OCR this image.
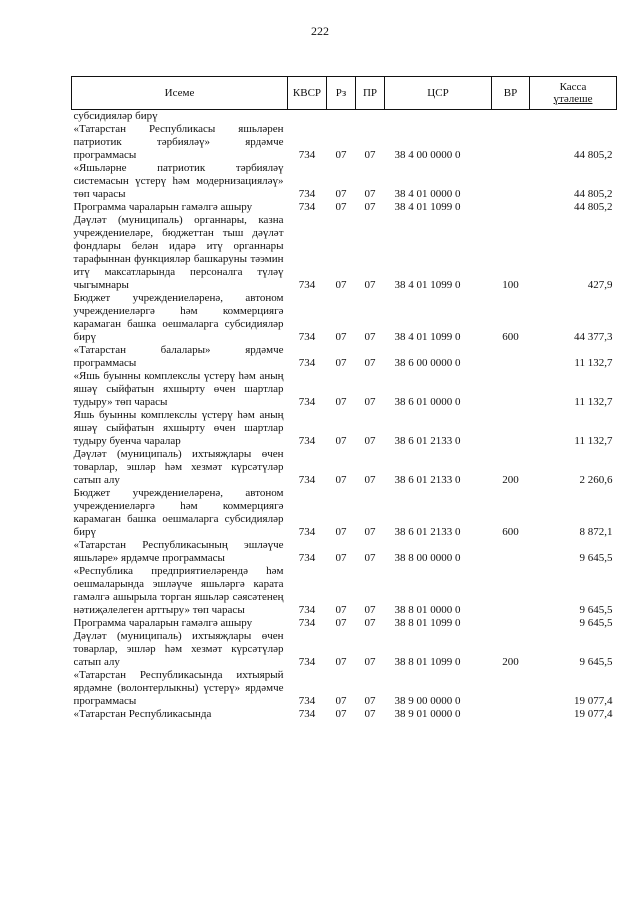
222
Исеме	КВСР	Рз	ПР	ЦСР	ВР	Касса
үтәлеше

субсидияләр бирү						
«Татарстан Республикасы яшьләрен патриотик тәрбияләү» ярдәмче программасы	734	07	07	38 4 00 0000 0		44 805,2
«Яшьләрне патриотик тәрбияләү системасын үстерү һәм модернизацияләү» төп чарасы	734	07	07	38 4 01 0000 0		44 805,2
Программа чараларын гамәлгә ашыру	734	07	07	38 4 01 1099 0		44 805,2
Дәүләт (муниципаль) органнары, казна учреждениеләре, бюджеттан тыш дәүләт фондлары белән идарә итү органнары тарафыннан функцияләр башкаруны тәэмин итү максатларында персоналга түләү чыгымнары	734	07	07	38 4 01 1099 0	100	427,9
Бюджет учреждениеләренә, автоном учреждениеләргә һәм коммерциягә карамаган башка оешмаларга субсидияләр бирү	734	07	07	38 4 01 1099 0	600	44 377,3
«Татарстан балалары» ярдәмче программасы	734	07	07	38 6 00 0000 0		11 132,7
«Яшь буынны комплекслы үстерү һәм аның яшәү сыйфатын яхшырту өчен шартлар тудыру» төп чарасы	734	07	07	38 6 01 0000 0		11 132,7
Яшь буынны комплекслы үстерү һәм аның яшәү сыйфатын яхшырту өчен шартлар тудыру буенча чаралар	734	07	07	38 6 01 2133 0		11 132,7
Дәүләт (муниципаль) ихтыяҗлары өчен товарлар, эшләр һәм хезмәт күрсәтүләр сатып алу	734	07	07	38 6 01 2133 0	200	2 260,6
Бюджет учреждениеләренә, автоном учреждениеләргә һәм коммерциягә карамаган башка оешмаларга субсидияләр бирү	734	07	07	38 6 01 2133 0	600	8 872,1
«Татарстан Республикасының эшләүче яшьләре» ярдәмче программасы	734	07	07	38 8 00 0000 0		9 645,5
«Республика предприятиеләрендә һәм оешмаларында эшләүче яшьләргә карата гамәлгә ашырыла торган яшьләр сәясәтенең нәтиҗәлелеген арттыру» төп чарасы	734	07	07	38 8 01 0000 0		9 645,5
Программа чараларын гамәлгә ашыру	734	07	07	38 8 01 1099 0		9 645,5
Дәүләт (муниципаль) ихтыяҗлары өчен товарлар, эшләр һәм хезмәт күрсәтүләр сатып алу	734	07	07	38 8 01 1099 0	200	9 645,5
«Татарстан Республикасында ихтыярый ярдәмне (волонтерлыкны) үстерү» ярдәмче программасы	734	07	07	38 9 00 0000 0		19 077,4
«Татарстан Республикасында	734	07	07	38 9 01 0000 0		19 077,4
